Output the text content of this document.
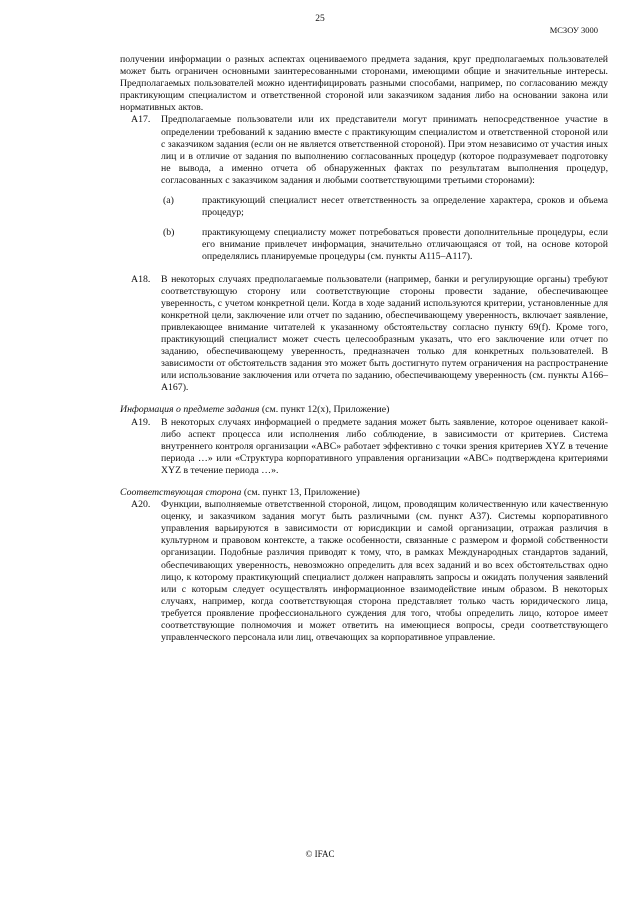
25
МСЗОУ 3000

получении информации о разных аспектах оцениваемого предмета задания, круг предполагаемых пользователей может быть ограничен основными заинтересованными сторонами, имеющими общие и значительные интересы. Предполагаемых пользователей можно идентифицировать разными способами, например, по согласованию между практикующим специалистом и ответственной стороной или заказчиком задания либо на основании закона или нормативных актов.

A17. Предполагаемые пользователи или их представители могут принимать непосредственное участие в определении требований к заданию вместе с практикующим специалистом и ответственной стороной или с заказчиком задания (если он не является ответственной стороной). При этом независимо от участия иных лиц и в отличие от задания по выполнению согласованных процедур (которое подразумевает подготовку не вывода, а именно отчета об обнаруженных фактах по результатам выполнения процедур, согласованных с заказчиком задания и любыми соответствующими третьими сторонами):

(a)	практикующий специалист несет ответственность за определение характера, сроков и объема процедур;

(b)	практикующему специалисту может потребоваться провести дополнительные процедуры, если его внимание привлечет информация, значительно отличающаяся от той, на основе которой определялись планируемые процедуры (см. пункты A115–A117).

A18. В некоторых случаях предполагаемые пользователи (например, банки и регулирующие органы) требуют соответствующую сторону или соответствующие стороны провести задание, обеспечивающее уверенность, с учетом конкретной цели. Когда в ходе заданий используются критерии, установленные для конкретной цели, заключение или отчет по заданию, обеспечивающему уверенность, включает заявление, привлекающее внимание читателей к указанному обстоятельству согласно пункту 69(f). Кроме того, практикующий специалист может счесть целесообразным указать, что его заключение или отчет по заданию, обеспечивающему уверенность, предназначен только для конкретных пользователей. В зависимости от обстоятельств задания это может быть достигнуто путем ограничения на распространение или использование заключения или отчета по заданию, обеспечивающему уверенность (см. пункты A166–A167).

Информация о предмете задания (см. пункт 12(x), Приложение)

A19. В некоторых случаях информацией о предмете задания может быть заявление, которое оценивает какой-либо аспект процесса или исполнения либо соблюдение, в зависимости от критериев. Система внутреннего контроля организации «ABC» работает эффективно с точки зрения критериев XYZ в течение периода …» или «Структура корпоративного управления организации «ABC» подтверждена критериями XYZ в течение периода …».

Соответствующая сторона (см. пункт 13, Приложение)

A20. Функции, выполняемые ответственной стороной, лицом, проводящим количественную или качественную оценку, и заказчиком задания могут быть различными (см. пункт A37). Системы корпоративного управления варьируются в зависимости от юрисдикции и самой организации, отражая различия в культурном и правовом контексте, а также особенности, связанные с размером и формой собственности организации. Подобные различия приводят к тому, что, в рамках Международных стандартов заданий, обеспечивающих уверенность, невозможно определить для всех заданий и во всех обстоятельствах одно лицо, к которому практикующий специалист должен направлять запросы и ожидать получения заявлений или с которым следует осуществлять информационное взаимодействие иным образом. В некоторых случаях, например, когда соответствующая сторона представляет только часть юридического лица, требуется проявление профессионального суждения для того, чтобы определить лицо, которое имеет соответствующие полномочия и может ответить на имеющиеся вопросы, среди соответствующего управленческого персонала или лиц, отвечающих за корпоративное управление.

© IFAC
